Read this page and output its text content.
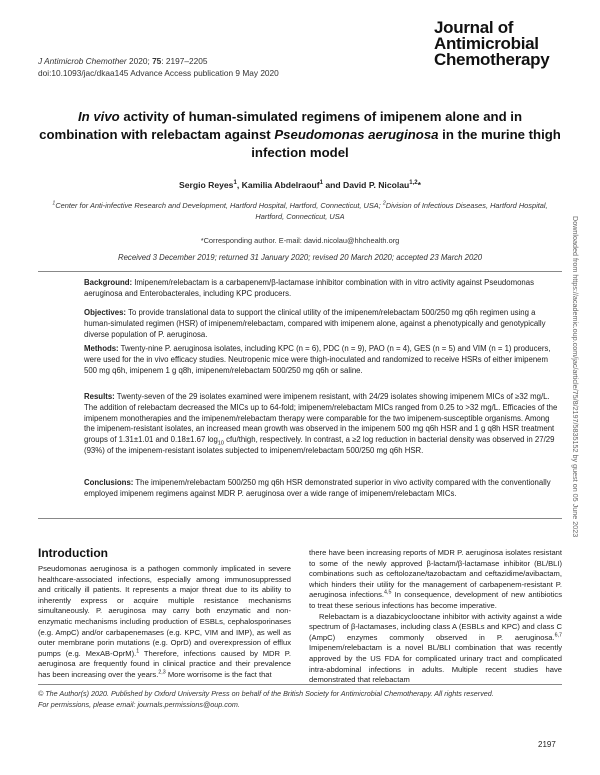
J Antimicrob Chemother 2020; 75: 2197–2205
doi:10.1093/jac/dkaa145 Advance Access publication 9 May 2020
Journal of
Antimicrobial
Chemotherapy
In vivo activity of human-simulated regimens of imipenem alone and in combination with relebactam against Pseudomonas aeruginosa in the murine thigh infection model
Sergio Reyes$^1$, Kamilia Abdelraouf$^1$ and David P. Nicolau$^{1,2}$*
$^1$Center for Anti-infective Research and Development, Hartford Hospital, Hartford, Connecticut, USA; $^2$Division of Infectious Diseases, Hartford Hospital, Hartford, Connecticut, USA
*Corresponding author. E-mail: david.nicolau@hhchealth.org
Received 3 December 2019; returned 31 January 2020; revised 20 March 2020; accepted 23 March 2020
Background: Imipenem/relebactam is a carbapenem/β-lactamase inhibitor combination with in vitro activity against Pseudomonas aeruginosa and Enterobacterales, including KPC producers.
Objectives: To provide translational data to support the clinical utility of the imipenem/relebactam 500/250 mg q6h regimen using a human-simulated regimen (HSR) of imipenem/relebactam, compared with imipenem alone, against a phenotypically and genotypically diverse population of P. aeruginosa.
Methods: Twenty-nine P. aeruginosa isolates, including KPC (n = 6), PDC (n = 9), PAO (n = 4), GES (n = 5) and VIM (n = 1) producers, were used for the in vivo efficacy studies. Neutropenic mice were thigh-inoculated and randomized to receive HSRs of either imipenem 500 mg q6h, imipenem 1 g q8h, imipenem/relebactam 500/250 mg q6h or saline.
Results: Twenty-seven of the 29 isolates examined were imipenem resistant, with 24/29 isolates showing imipenem MICs of ≥32 mg/L. The addition of relebactam decreased the MICs up to 64-fold; imipenem/relebactam MICs ranged from 0.25 to >32 mg/L. Efficacies of the imipenem monotherapies and the imipenem/relebactam therapy were comparable for the two imipenem-susceptible organisms. Among the imipenem-resistant isolates, an increased mean growth was observed in the imipenem 500 mg q6h HSR and 1 g q8h HSR treatment groups of 1.31±1.01 and 0.18±1.67 $\log_{10}$ cfu/thigh, respectively. In contrast, a ≥2 log reduction in bacterial density was observed in 27/29 (93%) of the imipenem-resistant isolates subjected to imipenem/relebactam 500/250 mg q6h HSR.
Conclusions: The imipenem/relebactam 500/250 mg q6h HSR demonstrated superior in vivo activity compared with the conventionally employed imipenem regimens against MDR P. aeruginosa over a wide range of imipenem/relebactam MICs.
Introduction

Pseudomonas aeruginosa is a pathogen commonly implicated in severe healthcare-associated infections, especially among immunosuppressed and critically ill patients. It represents a major threat due to its ability to inherently express or acquire multiple resistance mechanisms simultaneously. P. aeruginosa may carry both enzymatic and non-enzymatic mechanisms including production of ESBLs, cephalosporinases (e.g. AmpC) and/or carbapenemases (e.g. KPC, VIM and IMP), as well as outer membrane porin mutations (e.g. OprD) and overexpression of efflux pumps (e.g. MexAB-OprM).$^1$ Therefore, infections caused by MDR P. aeruginosa are frequently found in clinical practice and their prevalence has been increasing over the years.$^{2,3}$ More worrisome is the fact that

there have been increasing reports of MDR P. aeruginosa isolates resistant to some of the newly approved β-lactam/β-lactamase inhibitor (BL/BLI) combinations such as ceftolozane/tazobactam and ceftazidime/avibactam, which hinders their utility for the management of carbapenem-resistant P. aeruginosa infections.$^{4,5}$ In consequence, development of new antibiotics to treat these serious infections has become imperative.

Relebactam is a diazabicyclooctane inhibitor with activity against a wide spectrum of β-lactamases, including class A (ESBLs and KPC) and class C (AmpC) enzymes commonly observed in P. aeruginosa.$^{6,7}$ Imipenem/relebactam is a novel BL/BLI combination that was recently approved by the US FDA for complicated urinary tract and complicated intra-abdominal infections in adults. Multiple recent studies have demonstrated that relebactam

© The Author(s) 2020. Published by Oxford University Press on behalf of the British Society for Antimicrobial Chemotherapy. All rights reserved.
For permissions, please email: journals.permissions@oup.com.
2197
Downloaded from https://academic.oup.com/jac/article/75/8/2197/5835152 by guest on 05 June 2023
